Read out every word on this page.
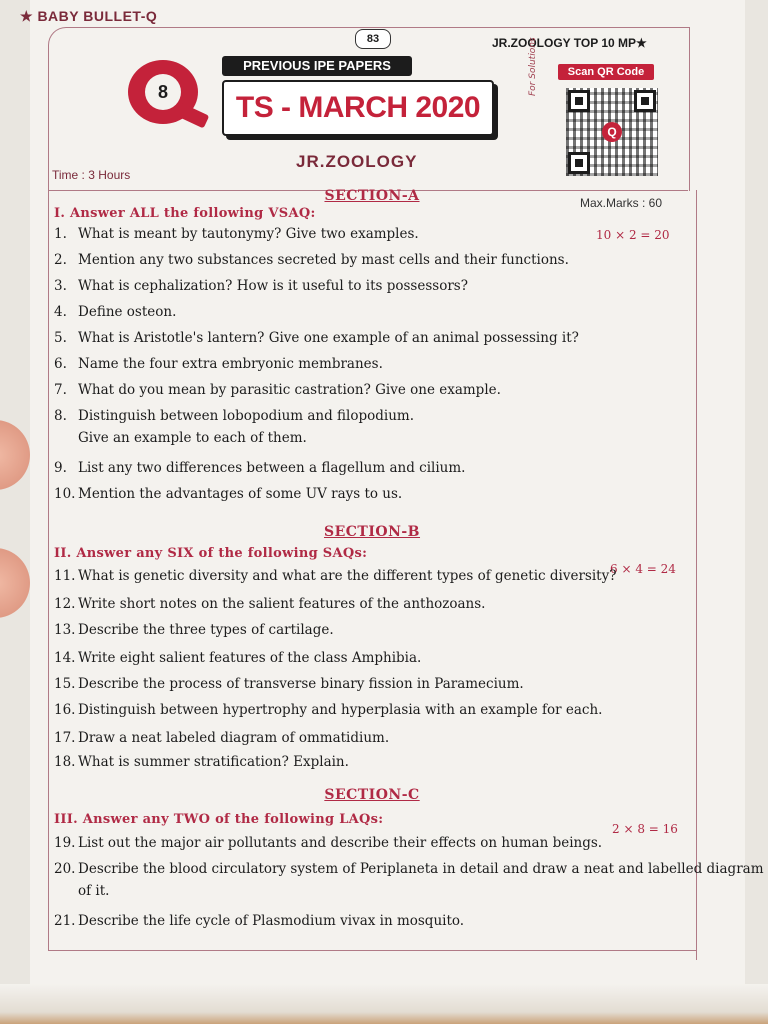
★ BABY BULLET-Q
83	JR.ZOOLOGY TOP 10 MP★
8
PREVIOUS IPE PAPERS
TS - MARCH 2020
JR.ZOOLOGY
For Solutions	Scan QR Code
Q
Time : 3 Hours
Max.Marks : 60
SECTION-A
I. Answer ALL the following VSAQ:
10 × 2 = 20
1. What is meant by tautonymy? Give two examples.
2. Mention any two substances secreted by mast cells and their functions.
3. What is cephalization? How is it useful to its possessors?
4. Define osteon.
5. What is Aristotle's lantern? Give one example of an animal possessing it?
6. Name the four extra embryonic membranes.
7. What do you mean by parasitic castration? Give one example.
8. Distinguish between lobopodium and filopodium.
Give an example to each of them.
9. List any two differences between a flagellum and cilium.
10. Mention the advantages of some UV rays to us.
SECTION-B
II. Answer any SIX of the following SAQs:
6 × 4 = 24
11. What is genetic diversity and what are the different types of genetic diversity?
12. Write short notes on the salient features of the anthozoans.
13. Describe the three types of cartilage.
14. Write eight salient features of the class Amphibia.
15. Describe the process of transverse binary fission in Paramecium.
16. Distinguish between hypertrophy and hyperplasia with an example for each.
17. Draw a neat labeled diagram of ommatidium.
18. What is summer stratification? Explain.
SECTION-C
III. Answer any TWO of the following LAQs:
2 × 8 = 16
19. List out the major air pollutants and describe their effects on human beings.
20. Describe the blood circulatory system of Periplaneta in detail and draw a neat and labelled diagram
of it.
21. Describe the life cycle of Plasmodium vivax in mosquito.
